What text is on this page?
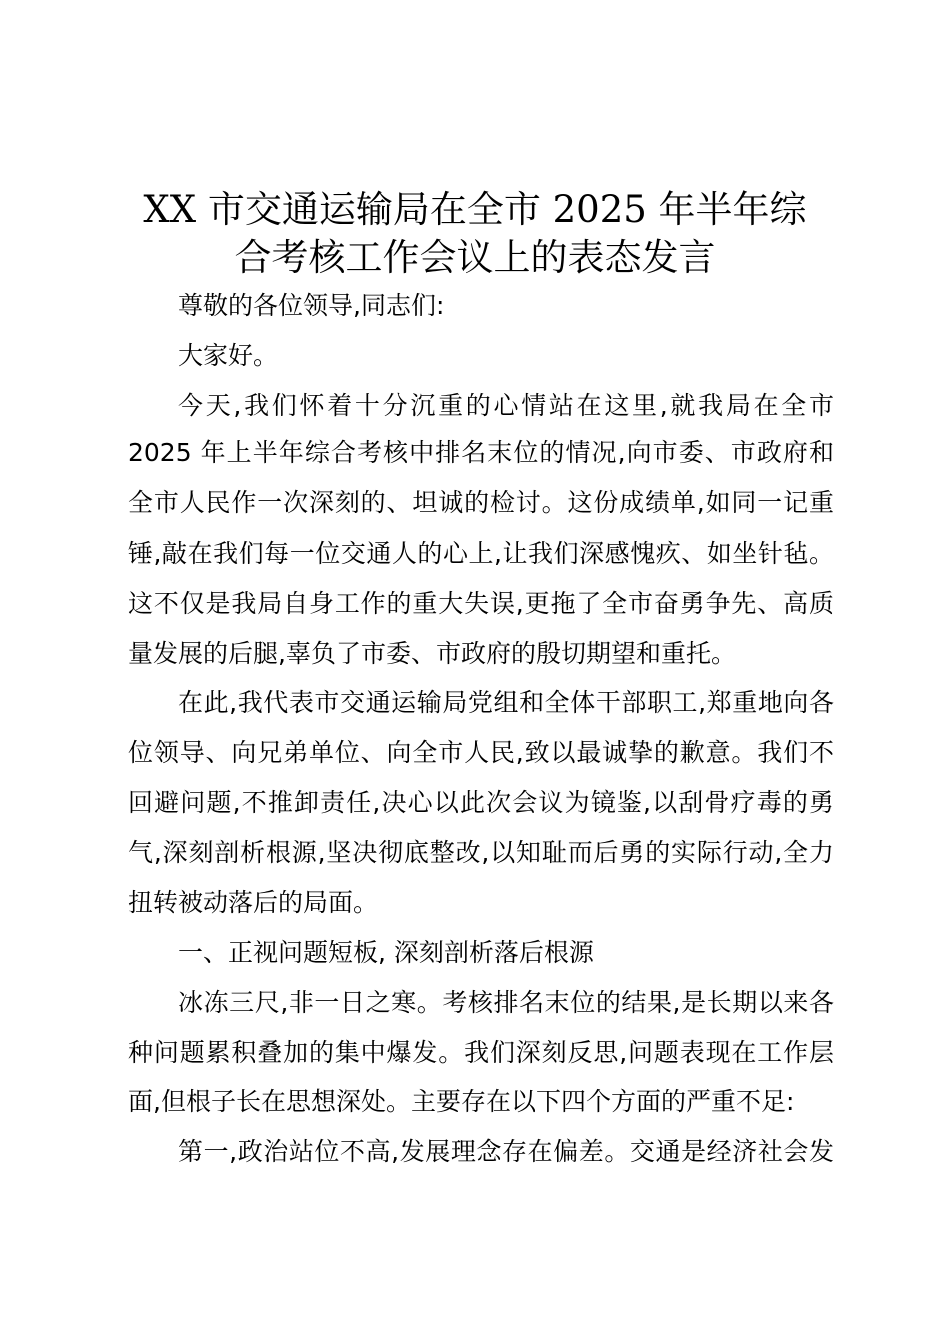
XX 市交通运输局在全市 2025 年半年综
合考核工作会议上的表态发言
尊敬的各位领导,同志们:
大家好。
今天,我们怀着十分沉重的心情站在这里,就我局在全市
2025 年上半年综合考核中排名末位的情况,向市委、市政府和
全市人民作一次深刻的、坦诚的检讨。这份成绩单,如同一记重
锤,敲在我们每一位交通人的心上,让我们深感愧疚、如坐针毡。
这不仅是我局自身工作的重大失误,更拖了全市奋勇争先、高质
量发展的后腿,辜负了市委、市政府的殷切期望和重托。
在此,我代表市交通运输局党组和全体干部职工,郑重地向各
位领导、向兄弟单位、向全市人民,致以最诚挚的歉意。我们不
回避问题,不推卸责任,决心以此次会议为镜鉴,以刮骨疗毒的勇
气,深刻剖析根源,坚决彻底整改,以知耻而后勇的实际行动,全力
扭转被动落后的局面。
一、正视问题短板, 深刻剖析落后根源
冰冻三尺,非一日之寒。考核排名末位的结果,是长期以来各
种问题累积叠加的集中爆发。我们深刻反思,问题表现在工作层
面,但根子长在思想深处。主要存在以下四个方面的严重不足:
第一,政治站位不高,发展理念存在偏差。交通是经济社会发
